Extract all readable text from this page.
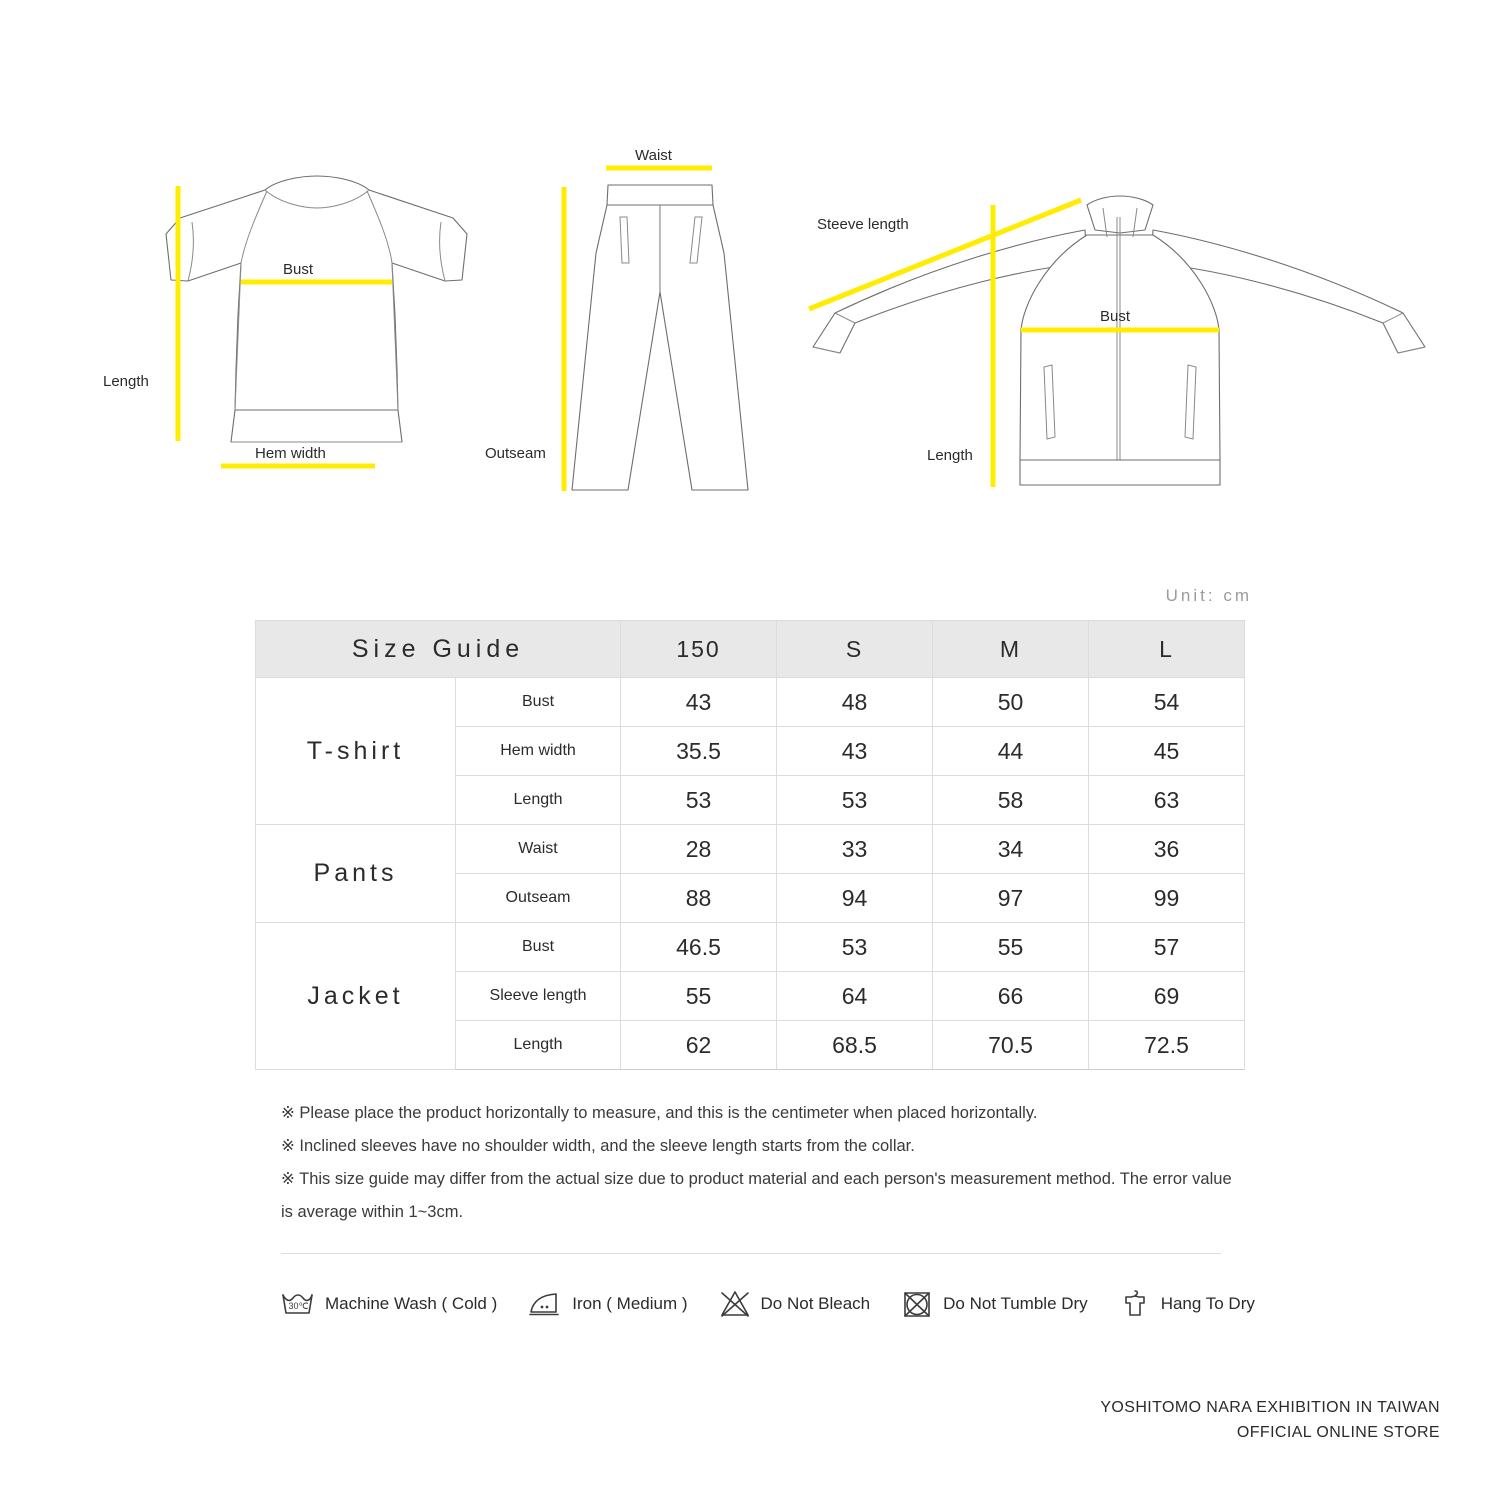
Length
Bust
Hem width
Waist
Outseam
Steeve length
Length
Bust
Unit: cm
Size Guide		150	S	M	L
T-shirt	Bust	43	48	50	54
	Hem width	35.5	43	44	45
	Length	53	53	58	63
Pants	Waist	28	33	34	36
	Outseam	88	94	97	99
Jacket	Bust	46.5	53	55	57
	Sleeve length	55	64	66	69
	Length	62	68.5	70.5	72.5

※ Please place the product horizontally to measure, and this is the centimeter when placed horizontally.

※ Inclined sleeves have no shoulder width, and the sleeve length starts from the collar.

※ This size guide may differ from the actual size due to product material and each person's measurement method. The error value is average within 1~3cm.

30℃ Machine Wash ( Cold )	Iron ( Medium )	Do Not Bleach	Do Not Tumble Dry	Hang To Dry
YOSHITOMO NARA EXHIBITION IN TAIWAN
OFFICIAL ONLINE STORE
